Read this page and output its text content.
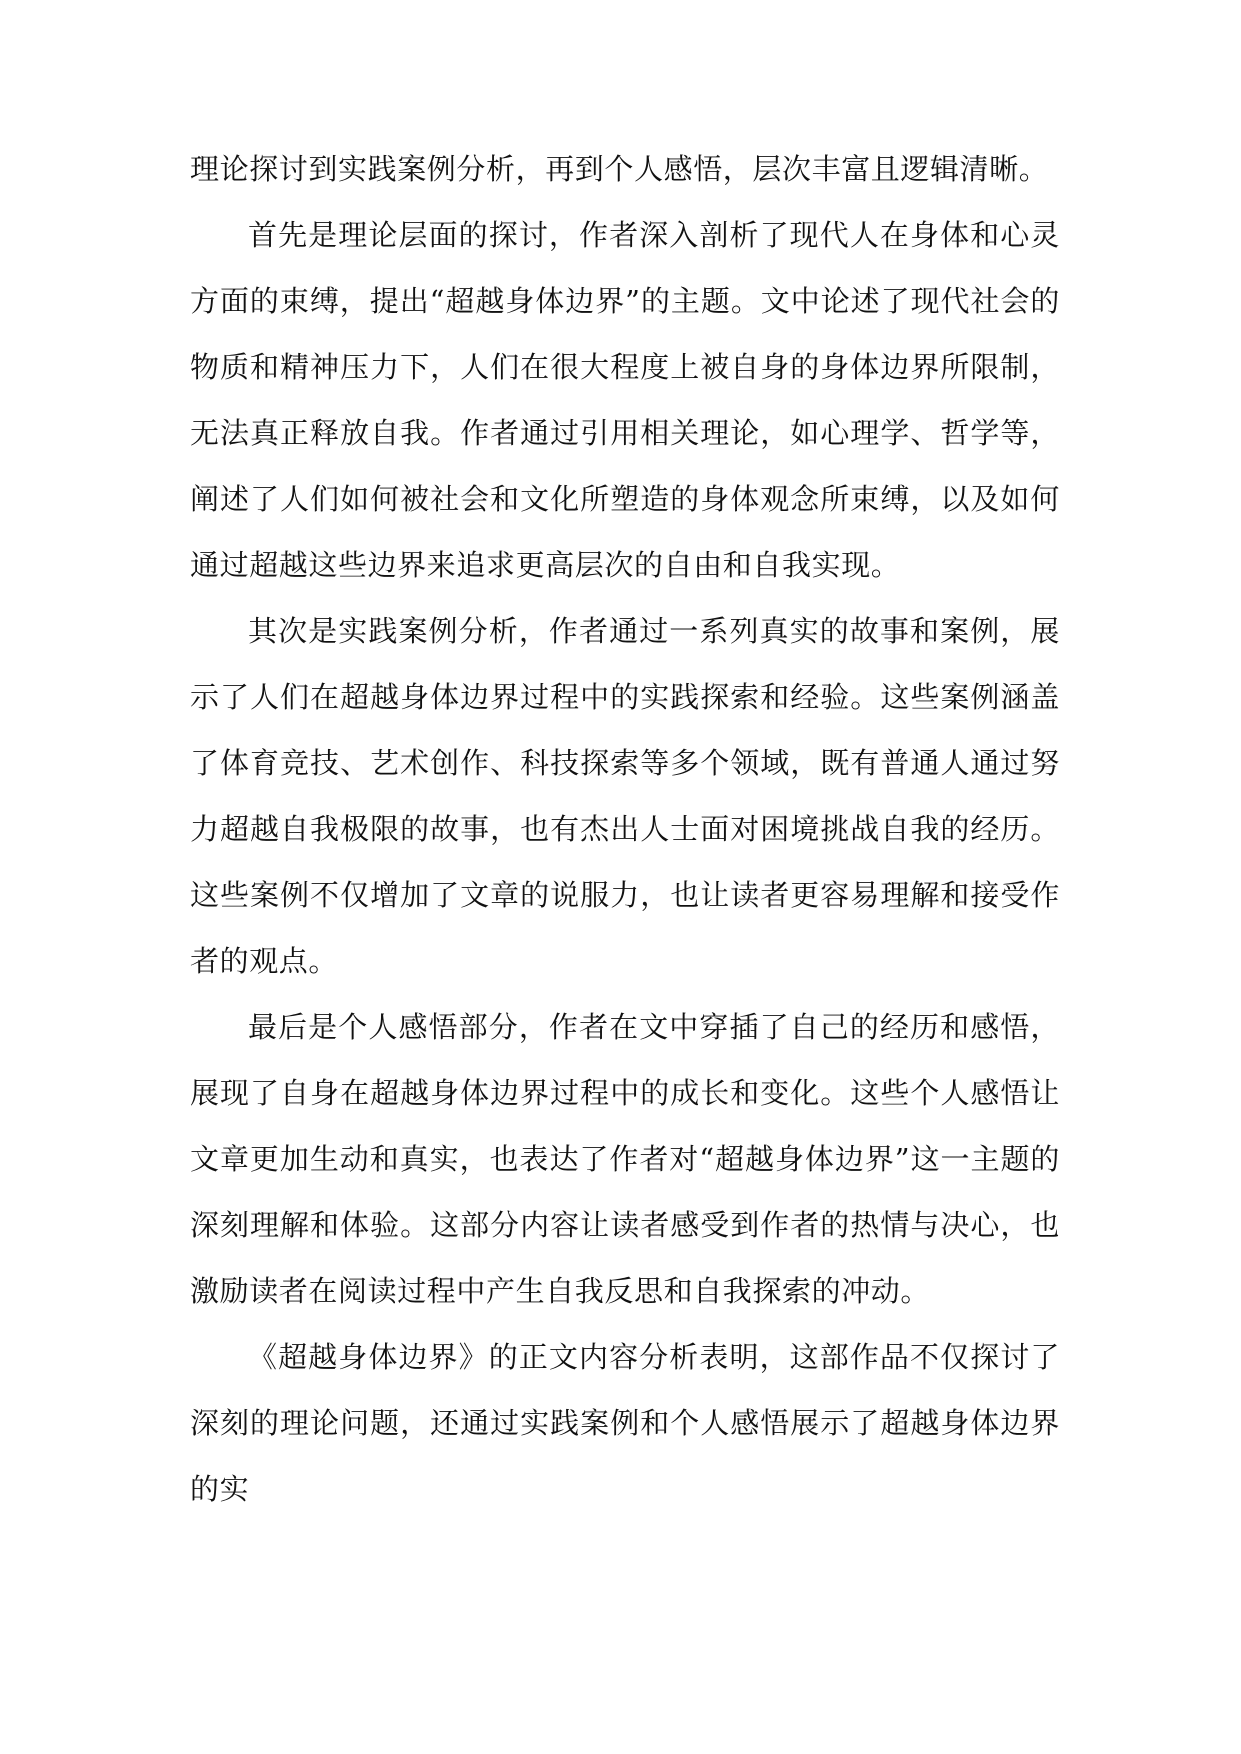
理论探讨到实践案例分析，再到个人感悟，层次丰富且逻辑清晰。

首先是理论层面的探讨，作者深入剖析了现代人在身体和心灵方面的束缚，提出“超越身体边界”的主题。文中论述了现代社会的物质和精神压力下，人们在很大程度上被自身的身体边界所限制，无法真正释放自我。作者通过引用相关理论，如心理学、哲学等，阐述了人们如何被社会和文化所塑造的身体观念所束缚，以及如何通过超越这些边界来追求更高层次的自由和自我实现。

其次是实践案例分析，作者通过一系列真实的故事和案例，展示了人们在超越身体边界过程中的实践探索和经验。这些案例涵盖了体育竞技、艺术创作、科技探索等多个领域，既有普通人通过努力超越自我极限的故事，也有杰出人士面对困境挑战自我的经历。这些案例不仅增加了文章的说服力，也让读者更容易理解和接受作者的观点。

最后是个人感悟部分，作者在文中穿插了自己的经历和感悟，展现了自身在超越身体边界过程中的成长和变化。这些个人感悟让文章更加生动和真实，也表达了作者对“超越身体边界”这一主题的深刻理解和体验。这部分内容让读者感受到作者的热情与决心，也激励读者在阅读过程中产生自我反思和自我探索的冲动。

《超越身体边界》的正文内容分析表明，这部作品不仅探讨了深刻的理论问题，还通过实践案例和个人感悟展示了超越身体边界的实
